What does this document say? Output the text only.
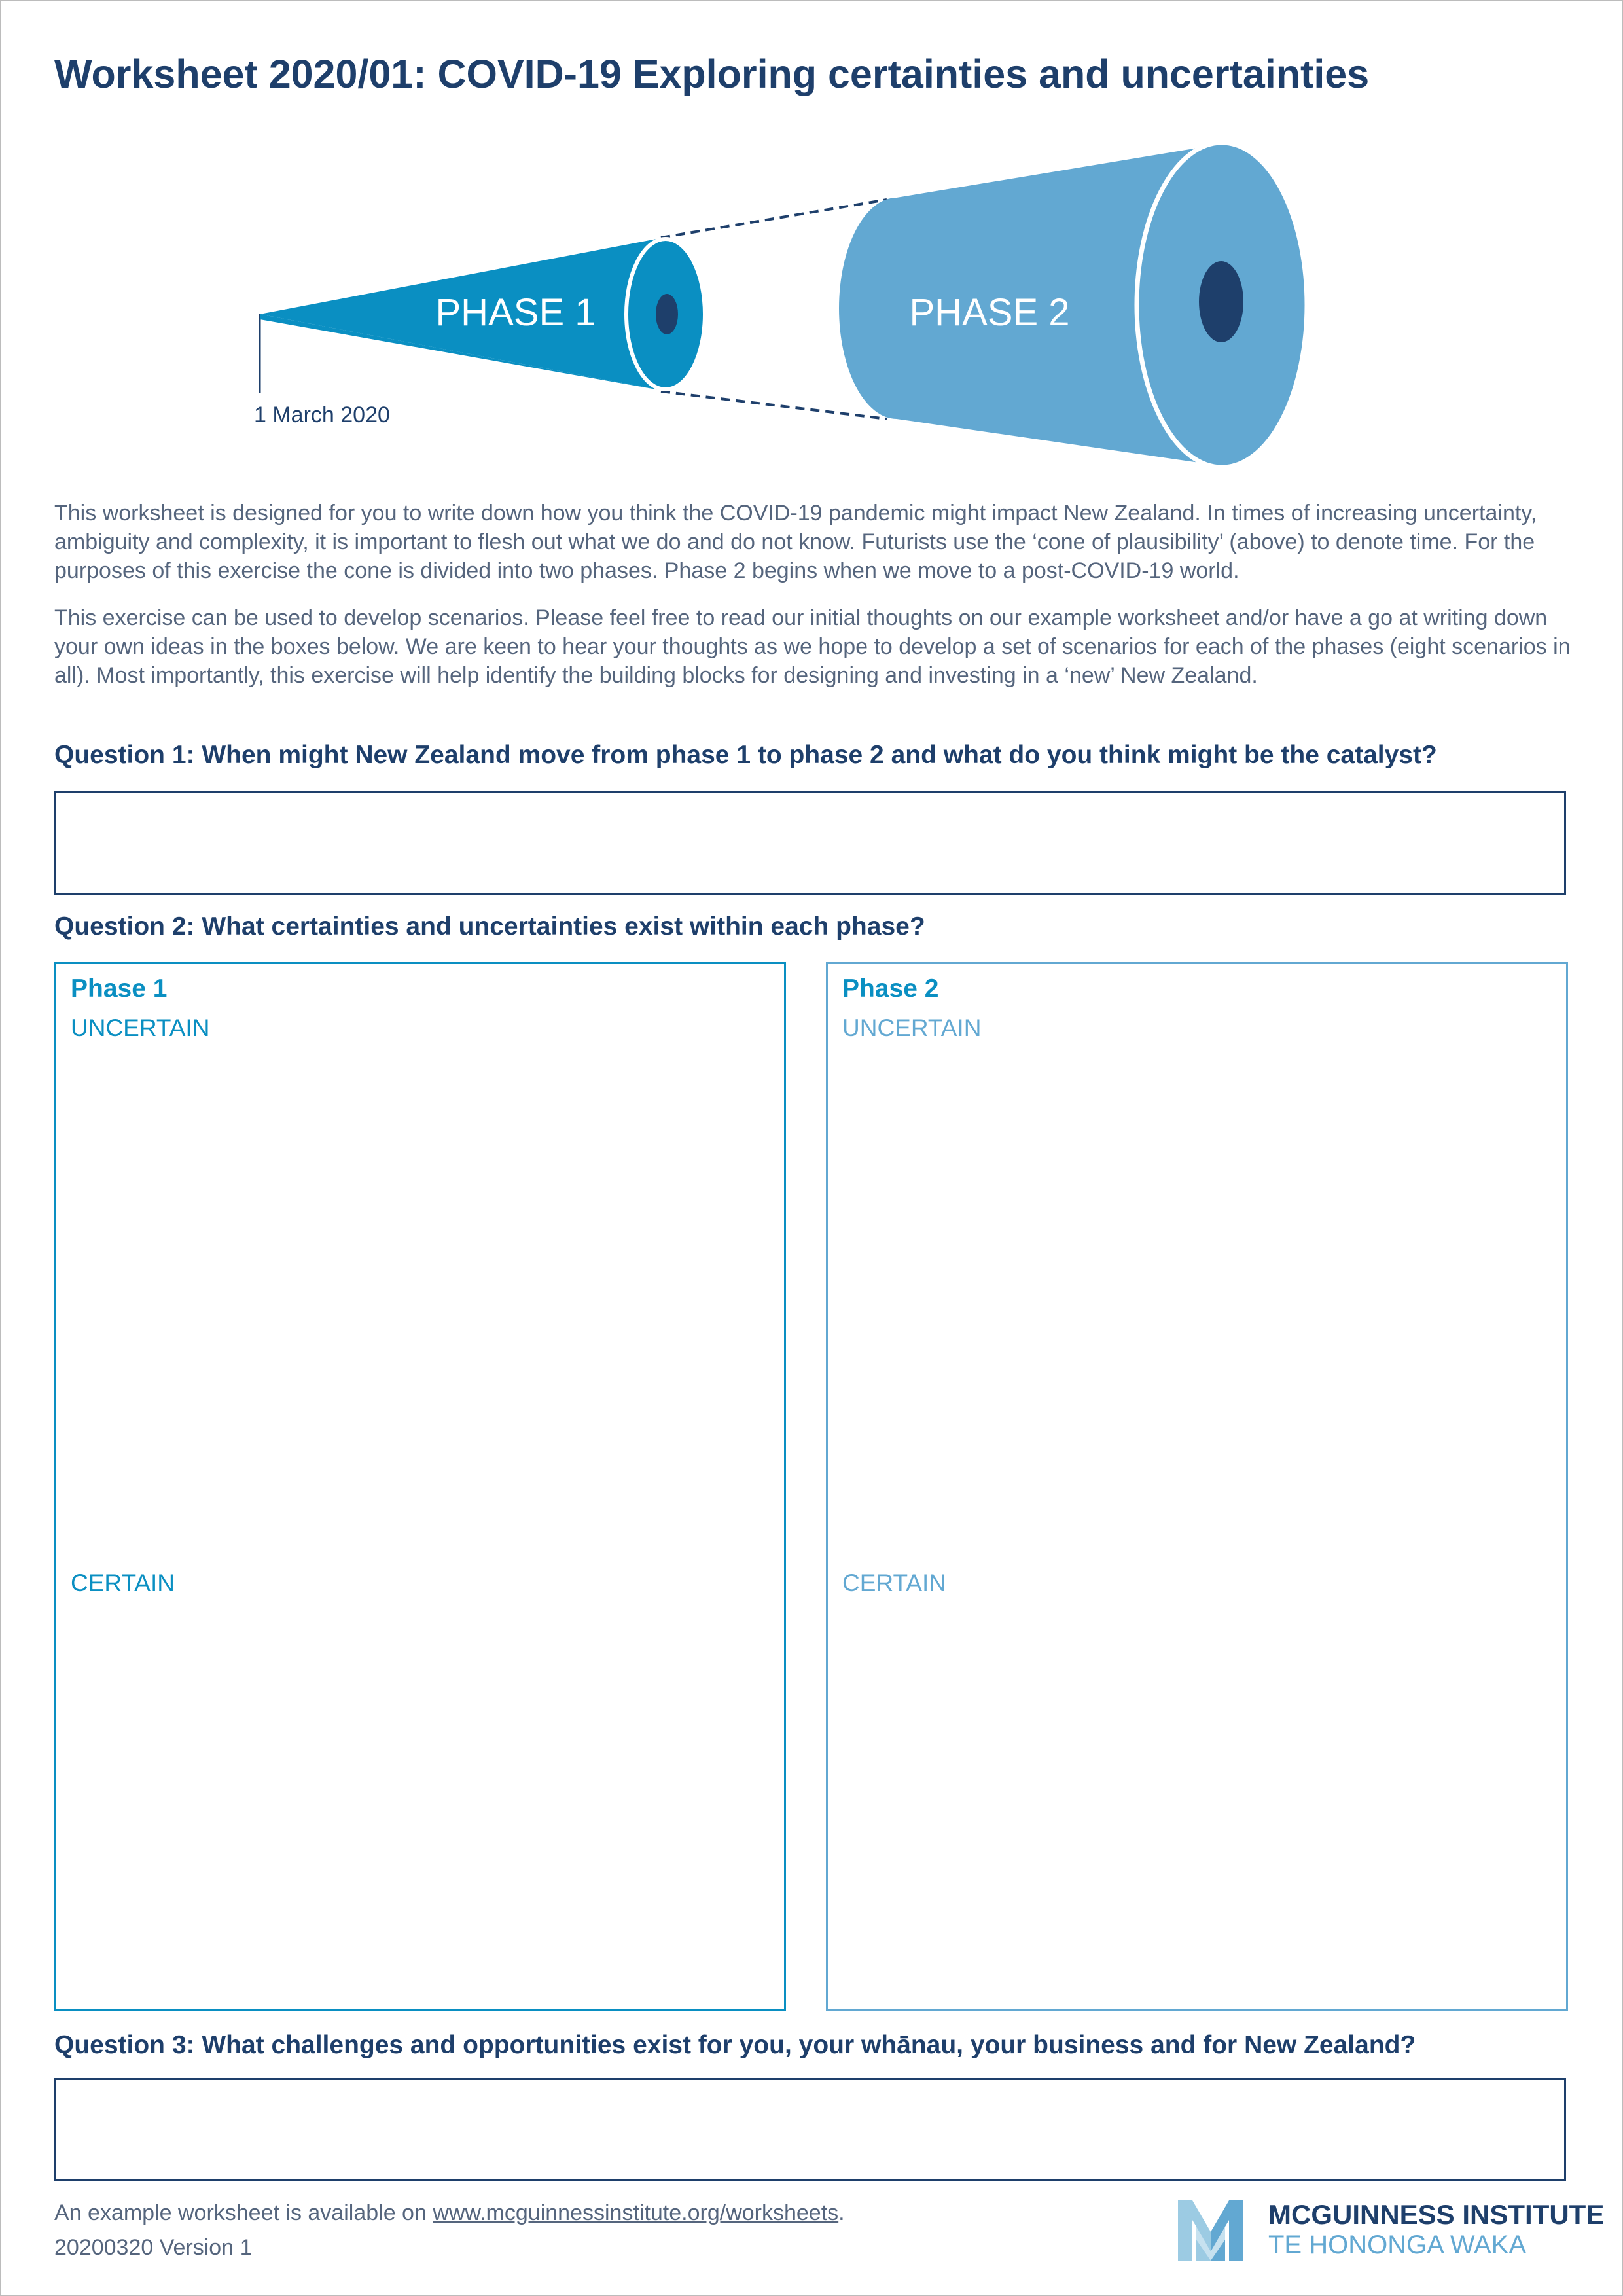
Worksheet 2020/01: COVID-19 Exploring certainties and uncertainties
PHASE 1	PHASE 2
1 March 2020
This worksheet is designed for you to write down how you think the COVID-19 pandemic might impact New Zealand. In times of increasing uncertainty, ambiguity and complexity, it is important to flesh out what we do and do not know. Futurists use the ‘cone of plausibility’ (above) to denote time. For the purposes of this exercise the cone is divided into two phases. Phase 2 begins when we move to a post-COVID-19 world.
This exercise can be used to develop scenarios. Please feel free to read our initial thoughts on our example worksheet and/or have a go at writing down your own ideas in the boxes below. We are keen to hear your thoughts as we hope to develop a set of scenarios for each of the phases (eight scenarios in all). Most importantly, this exercise will help identify the building blocks for designing and investing in a ‘new’ New Zealand.
Question 1: When might New Zealand move from phase 1 to phase 2 and what do you think might be the catalyst?
Question 2: What certainties and uncertainties exist within each phase?
Phase 1
UNCERTAIN
CERTAIN
Phase 2
UNCERTAIN
CERTAIN
Question 3: What challenges and opportunities exist for you, your whānau, your business and for New Zealand?
An example worksheet is available on www.mcguinnessinstitute.org/worksheets.
20200320 Version 1
MCGUINNESS INSTITUTE
TE HONONGA WAKA
